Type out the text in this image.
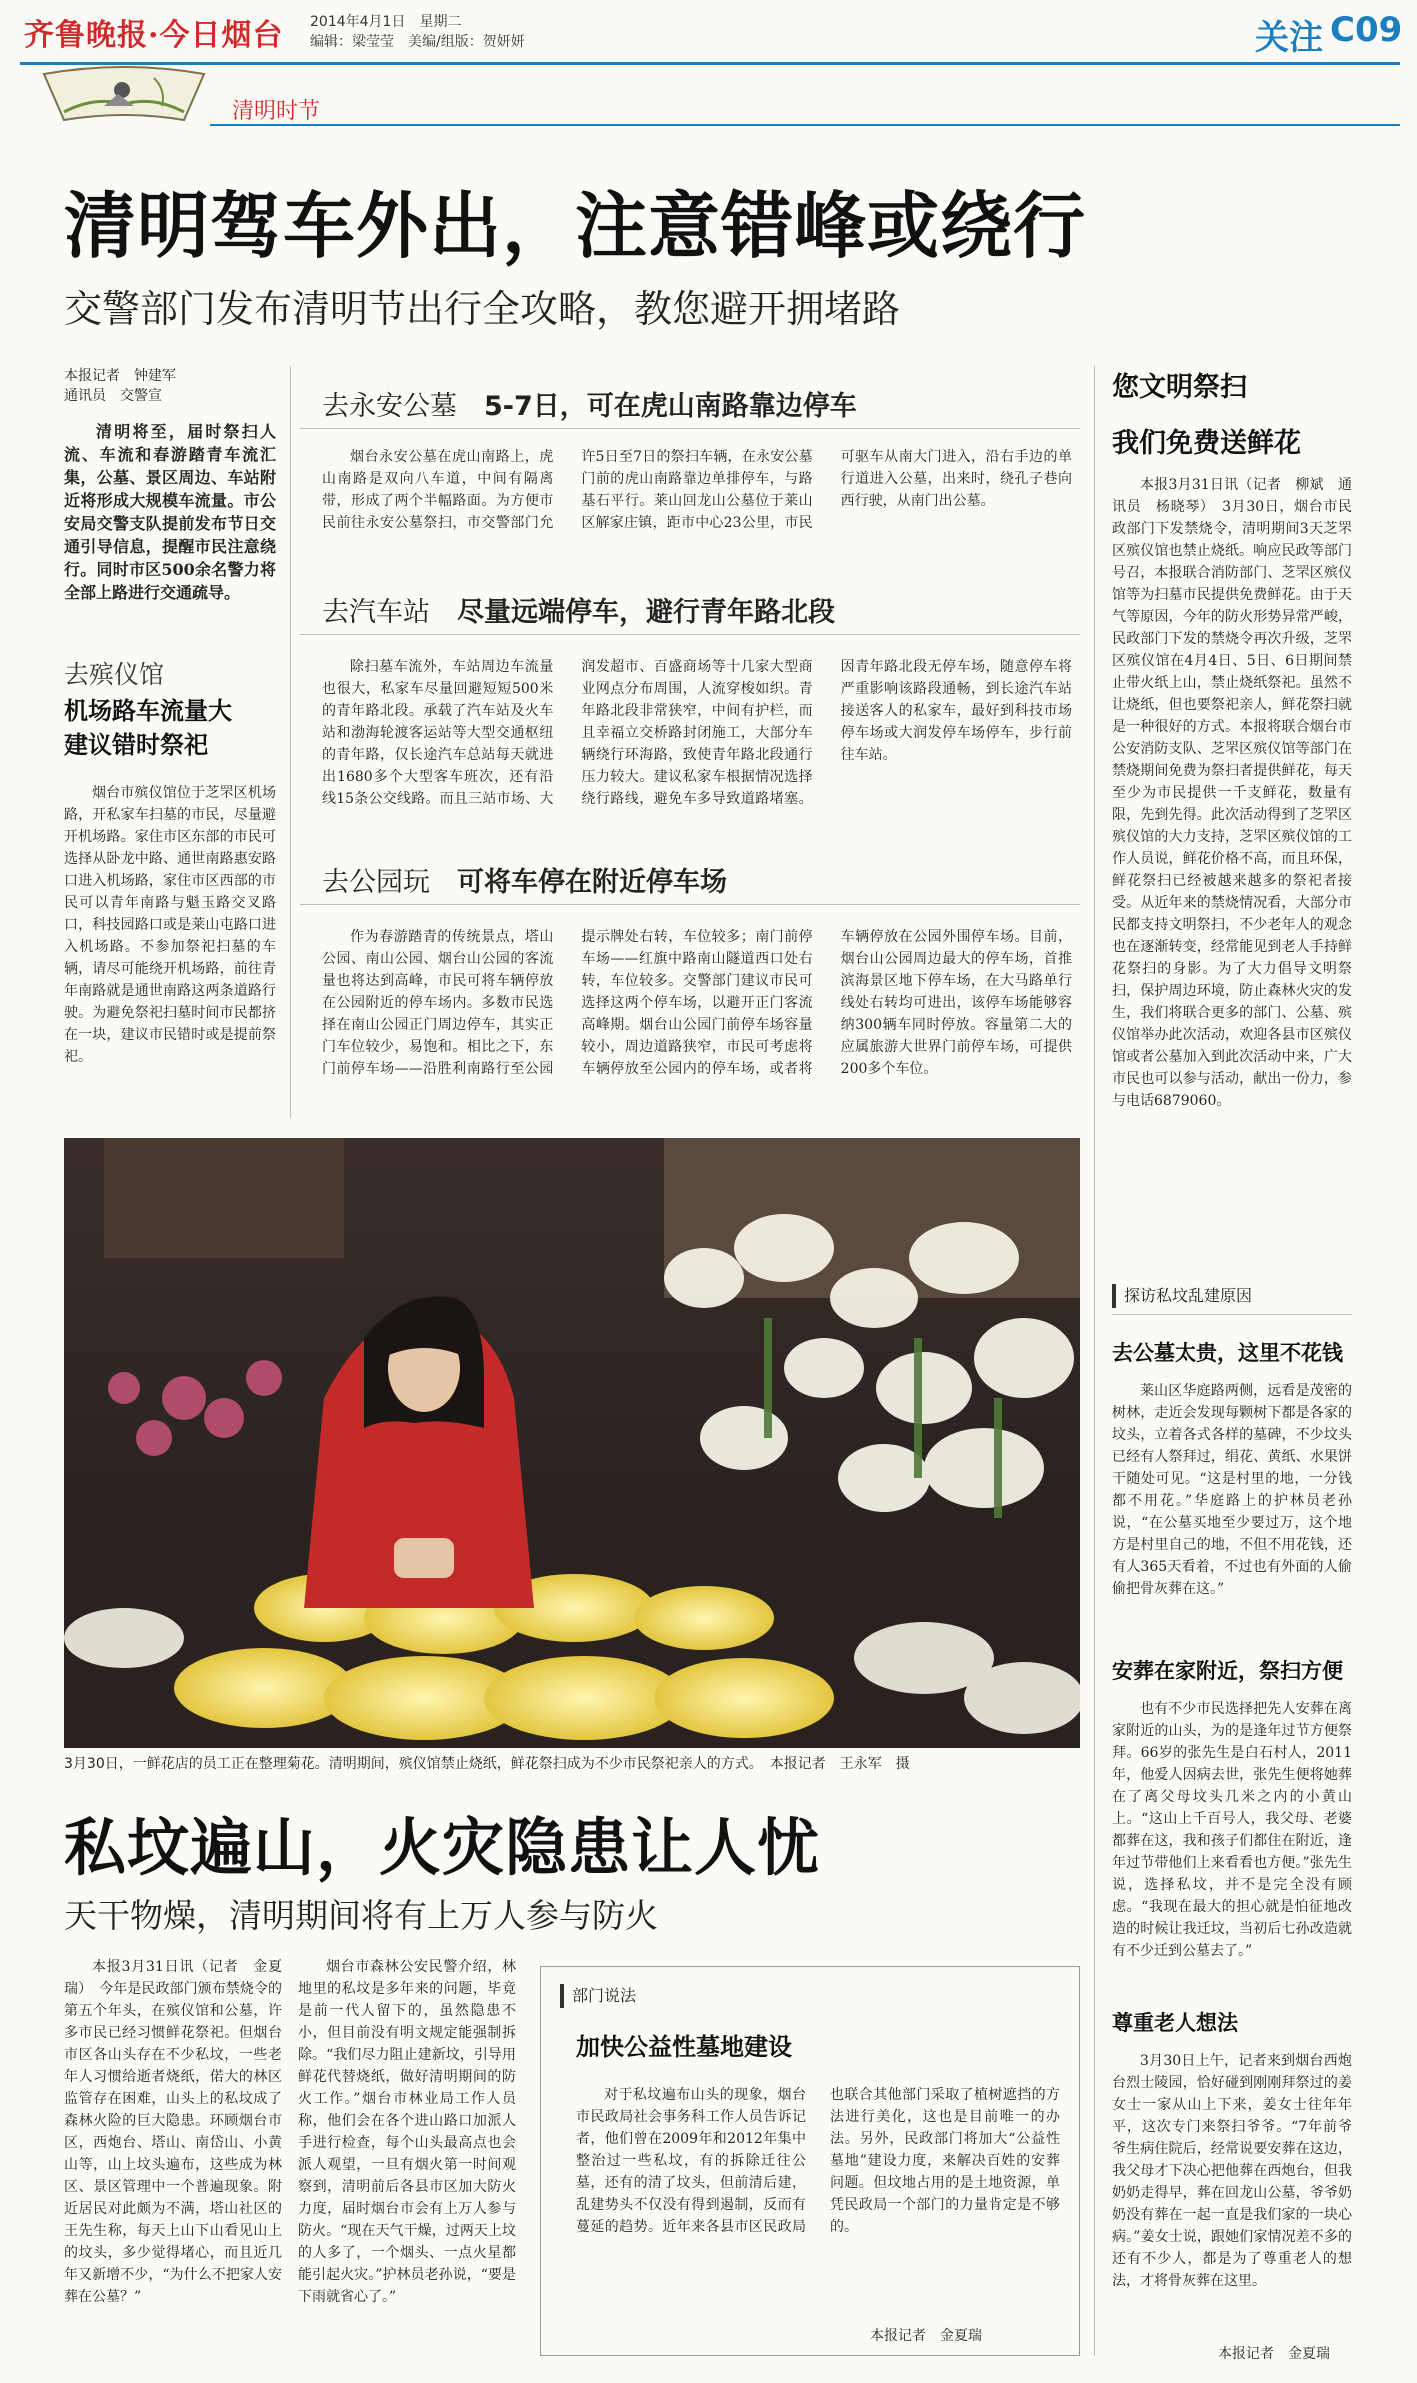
齐鲁晚报·今日烟台 2014年4月1日　星期二
编辑：梁莹莹　美编/组版：贺妍妍	关注 C09
清明时节
清明驾车外出，注意错峰或绕行
交警部门发布清明节出行全攻略，教您避开拥堵路
本报记者　钟建军
通讯员　交警宣
清明将至，届时祭扫人流、车流和春游踏青车流汇集，公墓、景区周边、车站附近将形成大规模车流量。市公安局交警支队提前发布节日交通引导信息，提醒市民注意绕行。同时市区500余名警力将全部上路进行交通疏导。
去殡仪馆
机场路车流量大
建议错时祭祀
烟台市殡仪馆位于芝罘区机场路，开私家车扫墓的市民，尽量避开机场路。家住市区东部的市民可选择从卧龙中路、通世南路惠安路口进入机场路，家住市区西部的市民可以青年南路与魁玉路交叉路口，科技园路口或是莱山屯路口进入机场路。不参加祭祀扫墓的车辆，请尽可能绕开机场路，前往青年南路就是通世南路这两条道路行驶。为避免祭祀扫墓时间市民都挤在一块，建议市民错时或是提前祭祀。
去永安公墓　 5-7日，可在虎山南路靠边停车
烟台永安公墓在虎山南路上，虎山南路是双向八车道，中间有隔离带，形成了两个半幅路面。为方便市民前往永安公墓祭扫，市交警部门允许5日至7日的祭扫车辆，在永安公墓门前的虎山南路靠边单排停车，与路基石平行。莱山回龙山公墓位于莱山区解家庄镇，距市中心23公里，市民可驱车从南大门进入，沿右手边的单行道进入公墓，出来时，绕孔子巷向西行驶，从南门出公墓。
去汽车站　 尽量远端停车，避行青年路北段
除扫墓车流外，车站周边车流量也很大，私家车尽量回避短短500米的青年路北段。承载了汽车站及火车站和渤海轮渡客运站等大型交通枢纽的青年路，仅长途汽车总站每天就进出1680多个大型客车班次，还有沿线15条公交线路。而且三站市场、大润发超市、百盛商场等十几家大型商业网点分布周围，人流穿梭如织。青年路北段非常狭窄，中间有护栏，而且幸福立交桥路封闭施工，大部分车辆绕行环海路，致使青年路北段通行压力较大。建议私家车根据情况选择绕行路线，避免车多导致道路堵塞。因青年路北段无停车场，随意停车将严重影响该路段通畅，到长途汽车站接送客人的私家车，最好到科技市场停车场或大润发停车场停车，步行前往车站。
去公园玩　 可将车停在附近停车场
作为春游踏青的传统景点，塔山公园、南山公园、烟台山公园的客流量也将达到高峰，市民可将车辆停放在公园附近的停车场内。多数市民选择在南山公园正门周边停车，其实正门车位较少，易饱和。相比之下，东门前停车场——沿胜利南路行至公园提示牌处右转，车位较多；南门前停车场——红旗中路南山隧道西口处右转，车位较多。交警部门建议市民可选择这两个停车场，以避开正门客流高峰期。烟台山公园门前停车场容量较小，周边道路狭窄，市民可考虑将车辆停放至公园内的停车场，或者将车辆停放在公园外围停车场。目前，烟台山公园周边最大的停车场，首推滨海景区地下停车场，在大马路单行线处右转均可进出，该停车场能够容纳300辆车同时停放。容量第二大的应属旅游大世界门前停车场，可提供200多个车位。
您文明祭扫
我们免费送鲜花
本报3月31日讯（记者　柳斌　通讯员　杨晓琴）　3月30日，烟台市民政部门下发禁烧令，清明期间3天芝罘区殡仪馆也禁止烧纸。响应民政等部门号召，本报联合消防部门、芝罘区殡仪馆等为扫墓市民提供免费鲜花。由于天气等原因，今年的防火形势异常严峻，民政部门下发的禁烧令再次升级，芝罘区殡仪馆在4月4日、5日、6日期间禁止带火纸上山，禁止烧纸祭祀。虽然不让烧纸，但也要祭祀亲人，鲜花祭扫就是一种很好的方式。本报将联合烟台市公安消防支队、芝罘区殡仪馆等部门在禁烧期间免费为祭扫者提供鲜花，每天至少为市民提供一千支鲜花，数量有限，先到先得。此次活动得到了芝罘区殡仪馆的大力支持，芝罘区殡仪馆的工作人员说，鲜花价格不高，而且环保，鲜花祭扫已经被越来越多的祭祀者接受。从近年来的禁烧情况看，大部分市民都支持文明祭扫，不少老年人的观念也在逐渐转变，经常能见到老人手持鲜花祭扫的身影。为了大力倡导文明祭扫，保护周边环境，防止森林火灾的发生，我们将联合更多的部门、公墓、殡仪馆举办此次活动，欢迎各县市区殡仪馆或者公墓加入到此次活动中来，广大市民也可以参与活动，献出一份力，参与电话6879060。
探访私坟乱建原因
去公墓太贵，这里不花钱
莱山区华庭路两侧，远看是茂密的树林，走近会发现每颗树下都是各家的坟头，立着各式各样的墓碑，不少坟头已经有人祭拜过，绢花、黄纸、水果饼干随处可见。“这是村里的地，一分钱都不用花。”华庭路上的护林员老孙说，“在公墓买地至少要过万，这个地方是村里自己的地，不但不用花钱，还有人365天看着，不过也有外面的人偷偷把骨灰葬在这。”
安葬在家附近，祭扫方便
也有不少市民选择把先人安葬在离家附近的山头，为的是逢年过节方便祭拜。66岁的张先生是白石村人，2011年，他爱人因病去世，张先生便将她葬在了离父母坟头几米之内的小黄山上。“这山上千百号人，我父母、老婆都葬在这，我和孩子们都住在附近，逢年过节带他们上来看看也方便。”张先生说，选择私坟，并不是完全没有顾虑。“我现在最大的担心就是怕征地改造的时候让我迁坟，当初后七孙改造就有不少迁到公墓去了。”
尊重老人想法
3月30日上午，记者来到烟台西炮台烈士陵园，恰好碰到刚刚拜祭过的姜女士一家从山上下来，姜女士往年年平，这次专门来祭扫爷爷。“7年前爷爷生病住院后，经常说要安葬在这边，我父母才下决心把他葬在西炮台，但我奶奶走得早，葬在回龙山公墓，爷爷奶奶没有葬在一起一直是我们家的一块心病。”姜女士说，跟她们家情况差不多的还有不少人，都是为了尊重老人的想法，才将骨灰葬在这里。
本报记者　金夏瑞
3月30日，一鲜花店的员工正在整理菊花。清明期间，殡仪馆禁止烧纸，鲜花祭扫成为不少市民祭祀亲人的方式。　本报记者　王永军　摄
私坟遍山，火灾隐患让人忧
天干物燥，清明期间将有上万人参与防火
本报3月31日讯（记者　金夏瑞）　今年是民政部门颁布禁烧令的第五个年头，在殡仪馆和公墓，许多市民已经习惯鲜花祭祀。但烟台市区各山头存在不少私坟，一些老年人习惯给逝者烧纸，偌大的林区监管存在困难，山头上的私坟成了森林火险的巨大隐患。环顾烟台市区，西炮台、塔山、南岱山、小黄山等，山上坟头遍布，这些成为林区、景区管理中一个普遍现象。附近居民对此颇为不满，塔山社区的王先生称，每天上山下山看见山上的坟头，多少觉得堵心，而且近几年又新增不少，“为什么不把家人安葬在公墓？”
烟台市森林公安民警介绍，林地里的私坟是多年来的问题，毕竟是前一代人留下的，虽然隐患不小，但目前没有明文规定能强制拆除。“我们尽力阻止建新坟，引导用鲜花代替烧纸，做好清明期间的防火工作。”烟台市林业局工作人员称，他们会在各个进山路口加派人手进行检查，每个山头最高点也会派人观望，一旦有烟火第一时间观察到，清明前后各县市区加大防火力度，届时烟台市会有上万人参与防火。“现在天气干燥，过两天上坟的人多了，一个烟头、一点火星都能引起火灾。”护林员老孙说，“要是下雨就省心了。”
部门说法
加快公益性墓地建设
对于私坟遍布山头的现象，烟台市民政局社会事务科工作人员告诉记者，他们曾在2009年和2012年集中整治过一些私坟，有的拆除迁往公墓，还有的清了坟头，但前清后建，乱建势头不仅没有得到遏制，反而有蔓延的趋势。近年来各县市区民政局也联合其他部门采取了植树遮挡的方法进行美化，这也是目前唯一的办法。另外，民政部门将加大“公益性墓地”建设力度，来解决百姓的安葬问题。但坟地占用的是土地资源，单凭民政局一个部门的力量肯定是不够的。
本报记者　金夏瑞
